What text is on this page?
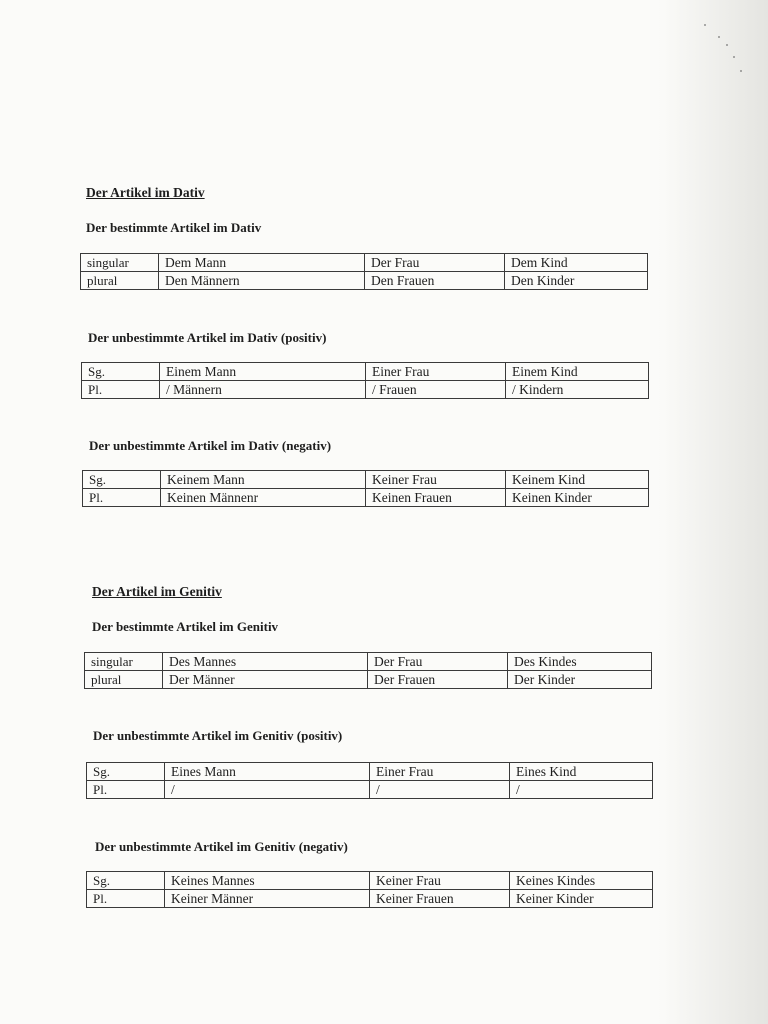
Der Artikel im Dativ
Der bestimmte Artikel im Dativ
singular	Dem Mann	Der Frau	Dem Kind
plural	Den Männern	Den Frauen	Den Kinder
Der unbestimmte Artikel im Dativ (positiv)
Sg.	Einem Mann	Einer Frau	Einem Kind
Pl.	/ Männern	/ Frauen	/ Kindern
Der unbestimmte Artikel im Dativ (negativ)
Sg.	Keinem Mann	Keiner Frau	Keinem Kind
Pl.	Keinen Männenr	Keinen Frauen	Keinen Kinder
Der Artikel im Genitiv
Der bestimmte Artikel im Genitiv
singular	Des Mannes	Der Frau	Des Kindes
plural	Der Männer	Der Frauen	Der Kinder
Der unbestimmte Artikel im Genitiv (positiv)
Sg.	Eines Mann	Einer Frau	Eines Kind
Pl.	/	/	/
Der unbestimmte Artikel im Genitiv (negativ)
Sg.	Keines Mannes	Keiner Frau	Keines Kindes
Pl.	Keiner Männer	Keiner Frauen	Keiner Kinder
